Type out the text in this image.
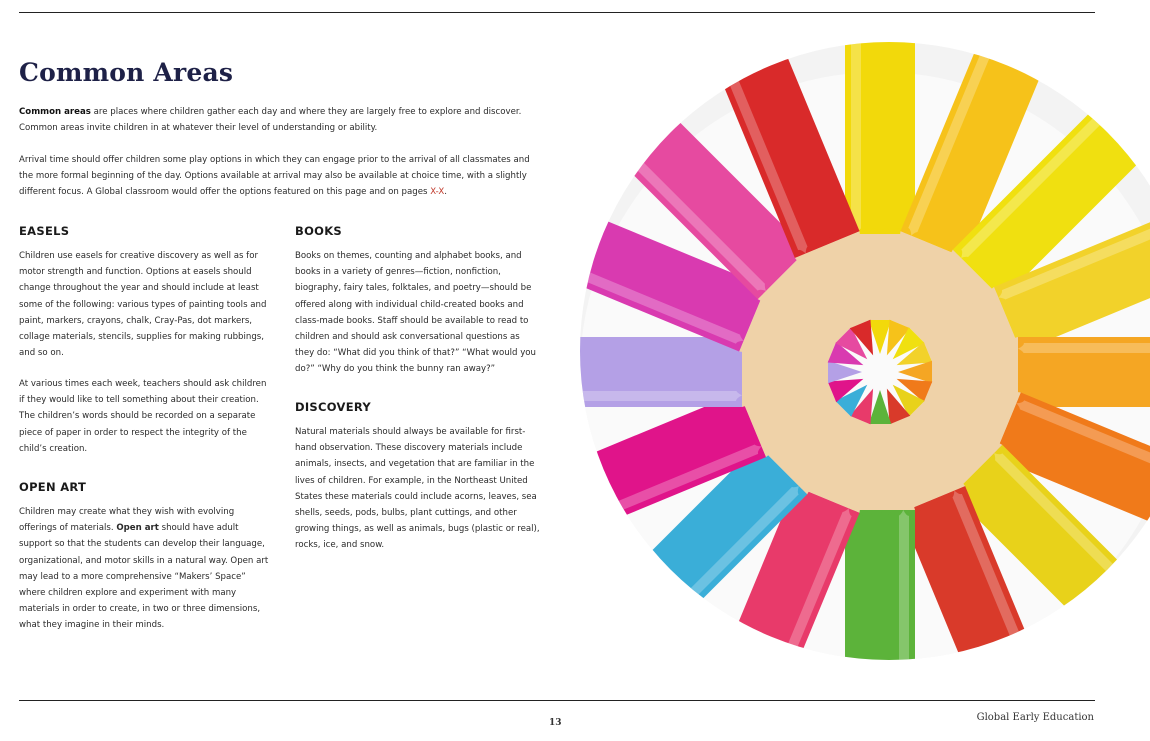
Common Areas

Common areas are places where children gather each day and where they are largely free to explore and discover. Common areas invite children in at whatever their level of understanding or ability.

Arrival time should offer children some play options in which they can engage prior to the arrival of all classmates and the more formal beginning of the day. Options available at arrival may also be available at choice time, with a slightly different focus. A Global classroom would offer the options featured on this page and on pages X-X.

EASELS

Children use easels for creative discovery as well as for motor strength and function. Options at easels should change throughout the year and should include at least some of the following: various types of painting tools and paint, markers, crayons, chalk, Cray-Pas, dot markers, collage materials, stencils, supplies for making rubbings, and so on.

At various times each week, teachers should ask children if they would like to tell something about their creation. The children’s words should be recorded on a separate piece of paper in order to respect the integrity of the child’s creation.

OPEN ART

Children may create what they wish with evolving offerings of materials. Open art should have adult support so that the students can develop their language, organizational, and motor skills in a natural way. Open art may lead to a more comprehensive “Makers’ Space” where children explore and experiment with many materials in order to create, in two or three dimensions, what they imagine in their minds.

BOOKS

Books on themes, counting and alphabet books, and books in a variety of genres—fiction, nonfiction, biography, fairy tales, folktales, and poetry—should be offered along with individual child-created books and class-made books. Staff should be available to read to children and should ask conversational questions as they do: “What did you think of that?” “What would you do?” “Why do you think the bunny ran away?”

DISCOVERY

Natural materials should always be available for first-hand observation. These discovery materials include animals, insects, and vegetation that are familiar in the lives of children. For example, in the Northeast United States these materials could include acorns, leaves, sea shells, seeds, pods, bulbs, plant cuttings, and other growing things, as well as animals, bugs (plastic or real), rocks, ice, and snow.

13	Global Early Education
